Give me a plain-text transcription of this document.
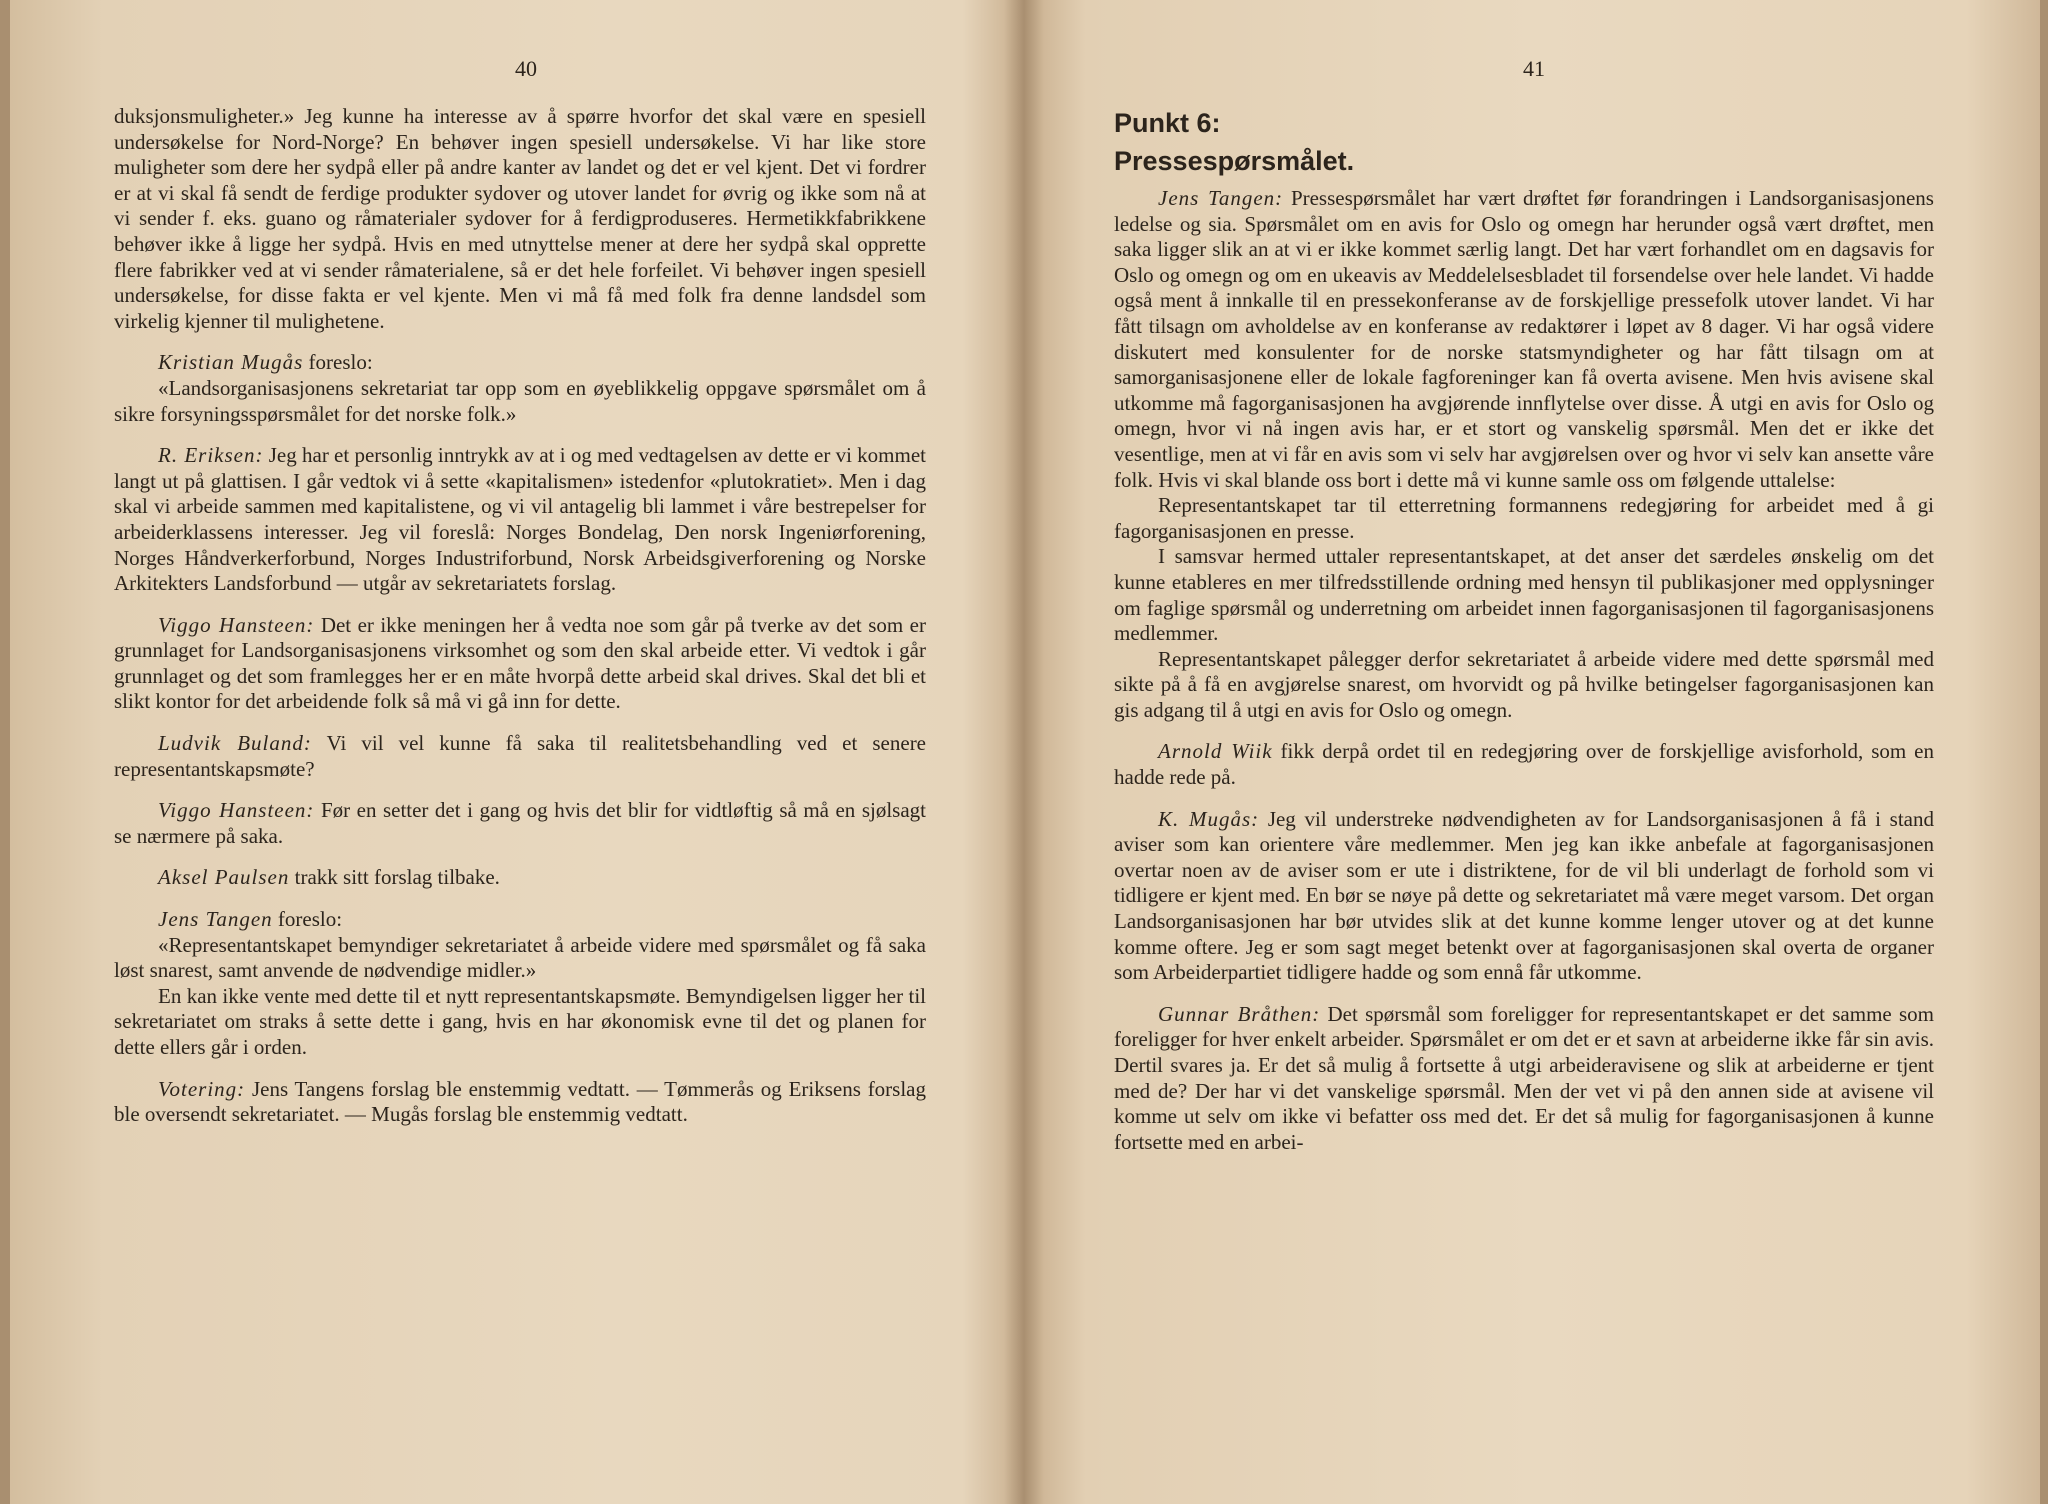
40

duksjonsmuligheter.» Jeg kunne ha interesse av å spørre hvorfor det skal være en spesiell undersøkelse for Nord-Norge? En behøver ingen spesiell undersøkelse. Vi har like store muligheter som dere her sydpå eller på andre kanter av landet og det er vel kjent. Det vi fordrer er at vi skal få sendt de ferdige produkter sydover og utover landet for øvrig og ikke som nå at vi sender f. eks. guano og råmaterialer sydover for å ferdigproduseres. Hermetikkfabrikkene behøver ikke å ligge her sydpå. Hvis en med utnyttelse mener at dere her sydpå skal opprette flere fabrikker ved at vi sender råmaterialene, så er det hele forfeilet. Vi behøver ingen spesiell undersøkelse, for disse fakta er vel kjente. Men vi må få med folk fra denne landsdel som virkelig kjenner til mulighetene.

Kristian Mugås foreslo:

«Landsorganisasjonens sekretariat tar opp som en øyeblikkelig oppgave spørsmålet om å sikre forsyningsspørsmålet for det norske folk.»

R. Eriksen: Jeg har et personlig inntrykk av at i og med vedtagelsen av dette er vi kommet langt ut på glattisen. I går vedtok vi å sette «kapitalismen» istedenfor «plutokratiet». Men i dag skal vi arbeide sammen med kapitalistene, og vi vil antagelig bli lammet i våre bestrepelser for arbeiderklassens interesser. Jeg vil foreslå: Norges Bondelag, Den norsk Ingeniørforening, Norges Håndverkerforbund, Norges Industriforbund, Norsk Arbeidsgiverforening og Norske Arkitekters Landsforbund — utgår av sekretariatets forslag.

Viggo Hansteen: Det er ikke meningen her å vedta noe som går på tverke av det som er grunnlaget for Landsorganisasjonens virksomhet og som den skal arbeide etter. Vi vedtok i går grunnlaget og det som framlegges her er en måte hvorpå dette arbeid skal drives. Skal det bli et slikt kontor for det arbeidende folk så må vi gå inn for dette.

Ludvik Buland: Vi vil vel kunne få saka til realitetsbehandling ved et senere representantskapsmøte?

Viggo Hansteen: Før en setter det i gang og hvis det blir for vidtløftig så må en sjølsagt se nærmere på saka.

Aksel Paulsen trakk sitt forslag tilbake.

Jens Tangen foreslo:

«Representantskapet bemyndiger sekretariatet å arbeide videre med spørsmålet og få saka løst snarest, samt anvende de nødvendige midler.»

En kan ikke vente med dette til et nytt representantskapsmøte. Bemyndigelsen ligger her til sekretariatet om straks å sette dette i gang, hvis en har økonomisk evne til det og planen for dette ellers går i orden.

Votering: Jens Tangens forslag ble enstemmig vedtatt. — Tømmerås og Eriksens forslag ble oversendt sekretariatet. — Mugås forslag ble enstemmig vedtatt.

41

Punkt 6:

Pressespørsmålet.

Jens Tangen: Pressespørsmålet har vært drøftet før forandringen i Landsorganisasjonens ledelse og sia. Spørsmålet om en avis for Oslo og omegn har herunder også vært drøftet, men saka ligger slik an at vi er ikke kommet særlig langt. Det har vært forhandlet om en dagsavis for Oslo og omegn og om en ukeavis av Meddelelsesbladet til forsendelse over hele landet. Vi hadde også ment å innkalle til en pressekonferanse av de forskjellige pressefolk utover landet. Vi har fått tilsagn om avholdelse av en konferanse av redaktører i løpet av 8 dager. Vi har også videre diskutert med konsulenter for de norske statsmyndigheter og har fått tilsagn om at samorganisasjonene eller de lokale fagforeninger kan få overta avisene. Men hvis avisene skal utkomme må fagorganisasjonen ha avgjørende innflytelse over disse. Å utgi en avis for Oslo og omegn, hvor vi nå ingen avis har, er et stort og vanskelig spørsmål. Men det er ikke det vesentlige, men at vi får en avis som vi selv har avgjørelsen over og hvor vi selv kan ansette våre folk. Hvis vi skal blande oss bort i dette må vi kunne samle oss om følgende uttalelse:

Representantskapet tar til etterretning formannens redegjøring for arbeidet med å gi fagorganisasjonen en presse.

I samsvar hermed uttaler representantskapet, at det anser det særdeles ønskelig om det kunne etableres en mer tilfredsstillende ordning med hensyn til publikasjoner med opplysninger om faglige spørsmål og underretning om arbeidet innen fagorganisasjonen til fagorganisasjonens medlemmer.

Representantskapet pålegger derfor sekretariatet å arbeide videre med dette spørsmål med sikte på å få en avgjørelse snarest, om hvorvidt og på hvilke betingelser fagorganisasjonen kan gis adgang til å utgi en avis for Oslo og omegn.

Arnold Wiik fikk derpå ordet til en redegjøring over de forskjellige avisforhold, som en hadde rede på.

K. Mugås: Jeg vil understreke nødvendigheten av for Landsorganisasjonen å få i stand aviser som kan orientere våre medlemmer. Men jeg kan ikke anbefale at fagorganisasjonen overtar noen av de aviser som er ute i distriktene, for de vil bli underlagt de forhold som vi tidligere er kjent med. En bør se nøye på dette og sekretariatet må være meget varsom. Det organ Landsorganisasjonen har bør utvides slik at det kunne komme lenger utover og at det kunne komme oftere. Jeg er som sagt meget betenkt over at fagorganisasjonen skal overta de organer som Arbeiderpartiet tidligere hadde og som ennå får utkomme.

Gunnar Bråthen: Det spørsmål som foreligger for representantskapet er det samme som foreligger for hver enkelt arbeider. Spørsmålet er om det er et savn at arbeiderne ikke får sin avis. Dertil svares ja. Er det så mulig å fortsette å utgi arbeideravisene og slik at arbeiderne er tjent med de? Der har vi det vanskelige spørsmål. Men der vet vi på den annen side at avisene vil komme ut selv om ikke vi befatter oss med det. Er det så mulig for fagorganisasjonen å kunne fortsette med en arbei-
